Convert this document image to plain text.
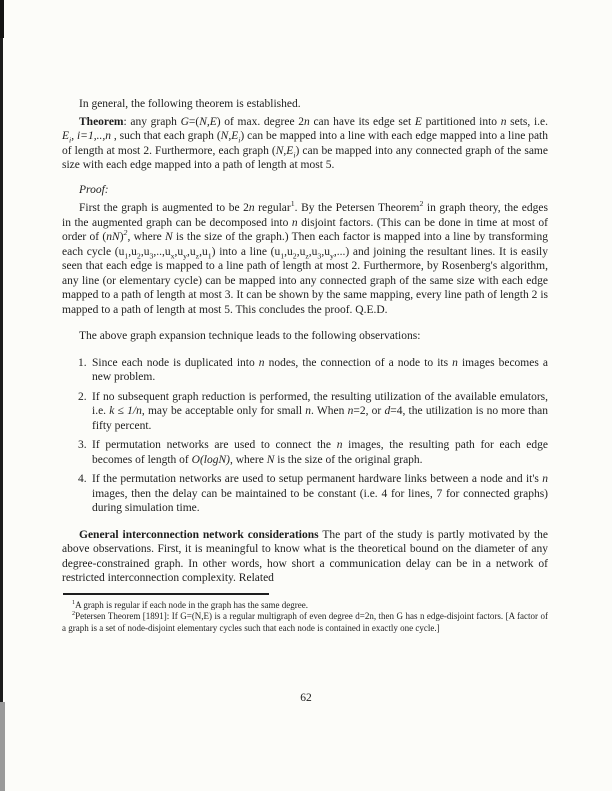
In general, the following theorem is established.

Theorem: any graph G=(N,E) of max. degree 2n can have its edge set E partitioned into n sets, i.e. $E_i$, i=1,..,n , such that each graph $(N,E_i)$ can be mapped into a line with each edge mapped into a line path of length at most 2. Furthermore, each graph $(N,E_i)$ can be mapped into any connected graph of the same size with each edge mapped into a path of length at most 5.

Proof:

First the graph is augmented to be 2n regular$^1$. By the Petersen Theorem$^2$ in graph theory, the edges in the augmented graph can be decomposed into n disjoint factors. (This can be done in time at most of order of (nN)$^2$, where N is the size of the graph.) Then each factor is mapped into a line by transforming each cycle $(u_1,u_2,u_3,..,u_x,u_y,u_z,u_1)$ into a line $(u_1,u_2,u_z,u_3,u_y,...)$ and joining the resultant lines. It is easily seen that each edge is mapped to a line path of length at most 2. Furthermore, by Rosenberg's algorithm, any line (or elementary cycle) can be mapped into any connected graph of the same size with each edge mapped to a path of length at most 3. It can be shown by the same mapping, every line path of length 2 is mapped to a path of length at most 5. This concludes the proof. Q.E.D.

The above graph expansion technique leads to the following observations:

1. Since each node is duplicated into n nodes, the connection of a node to its n images becomes a new problem.
2. If no subsequent graph reduction is performed, the resulting utilization of the available emulators, i.e. k ≤ 1/n, may be acceptable only for small n. When n=2, or d=4, the utilization is no more than fifty percent.
3. If permutation networks are used to connect the n images, the resulting path for each edge becomes of length of O(logN), where N is the size of the original graph.
4. If the permutation networks are used to setup permanent hardware links between a node and it's n images, then the delay can be maintained to be constant (i.e. 4 for lines, 7 for connected graphs) during simulation time.

General interconnection network considerations The part of the study is partly motivated by the above observations. First, it is meaningful to know what is the theoretical bound on the diameter of any degree-constrained graph. In other words, how short a communication delay can be in a network of restricted interconnection complexity. Related

$^1$A graph is regular if each node in the graph has the same degree.

$^2$Petersen Theorem [1891]: If G=(N,E) is a regular multigraph of even degree d=2n, then G has n edge-disjoint factors. [A factor of a graph is a set of node-disjoint elementary cycles such that each node is contained in exactly one cycle.]

62
